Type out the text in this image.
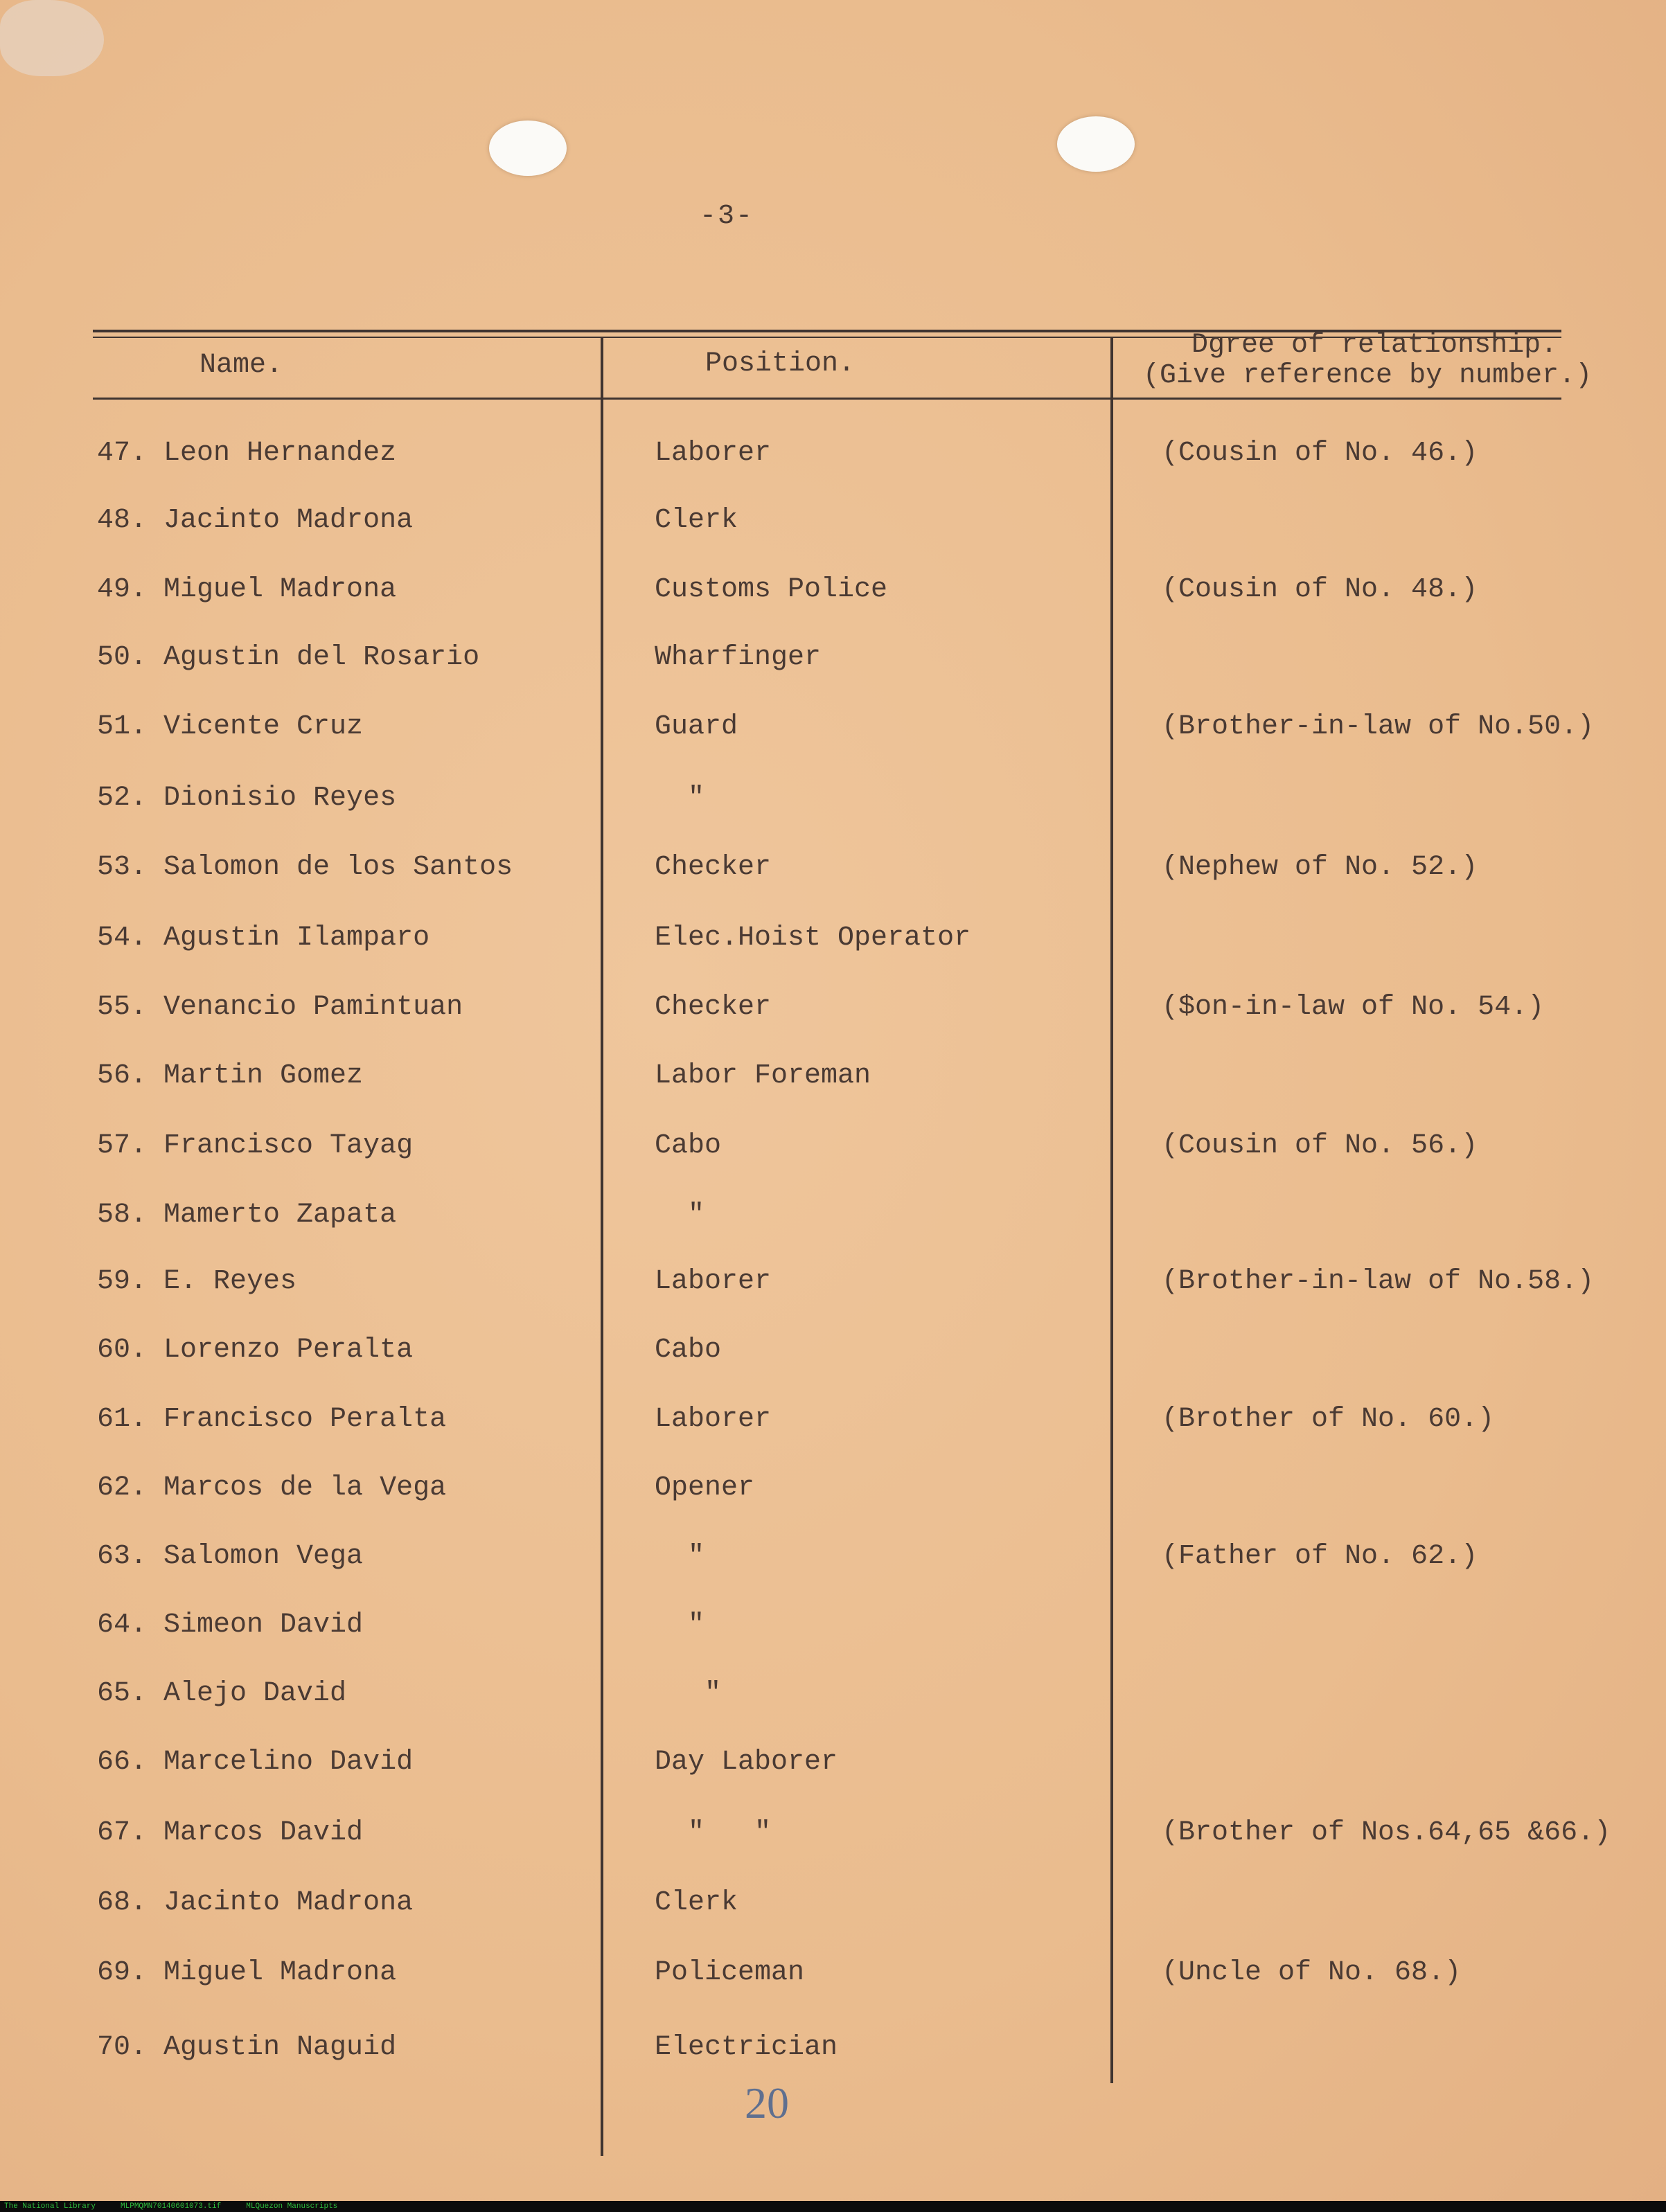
-3-
Name.	Position.
Dgree of relationship.
(Give reference by number.)
47. Leon Hernandez	Laborer	(Cousin of No. 46.)
48. Jacinto Madrona	Clerk
49. Miguel Madrona	Customs Police	(Cousin of No. 48.)
50. Agustin del Rosario	Wharfinger
51. Vicente Cruz	Guard	(Brother-in-law of No.50.)
52. Dionisio Reyes	"
53. Salomon de los Santos	Checker	(Nephew of No. 52.)
54. Agustin Ilamparo	Elec.Hoist Operator
55. Venancio Pamintuan	Checker	($on-in-law of No. 54.)
56. Martin Gomez	Labor Foreman
57. Francisco Tayag	Cabo	(Cousin of No. 56.)
58. Mamerto Zapata	"
59. E. Reyes	Laborer	(Brother-in-law of No.58.)
60. Lorenzo Peralta	Cabo
61. Francisco Peralta	Laborer	(Brother of No. 60.)
62. Marcos de la Vega	Opener
63. Salomon Vega	"	(Father of No. 62.)
64. Simeon David	"
65. Alejo David	"
66. Marcelino David	Day Laborer
67. Marcos David	"   "	(Brother of Nos.64,65 &66.)
68. Jacinto Madrona	Clerk
69. Miguel Madrona	Policeman	(Uncle of No. 68.)
70. Agustin Naguid	Electrician
20
The National Library	MLPMQMN70140601073.tif	MLQuezon Manuscripts
